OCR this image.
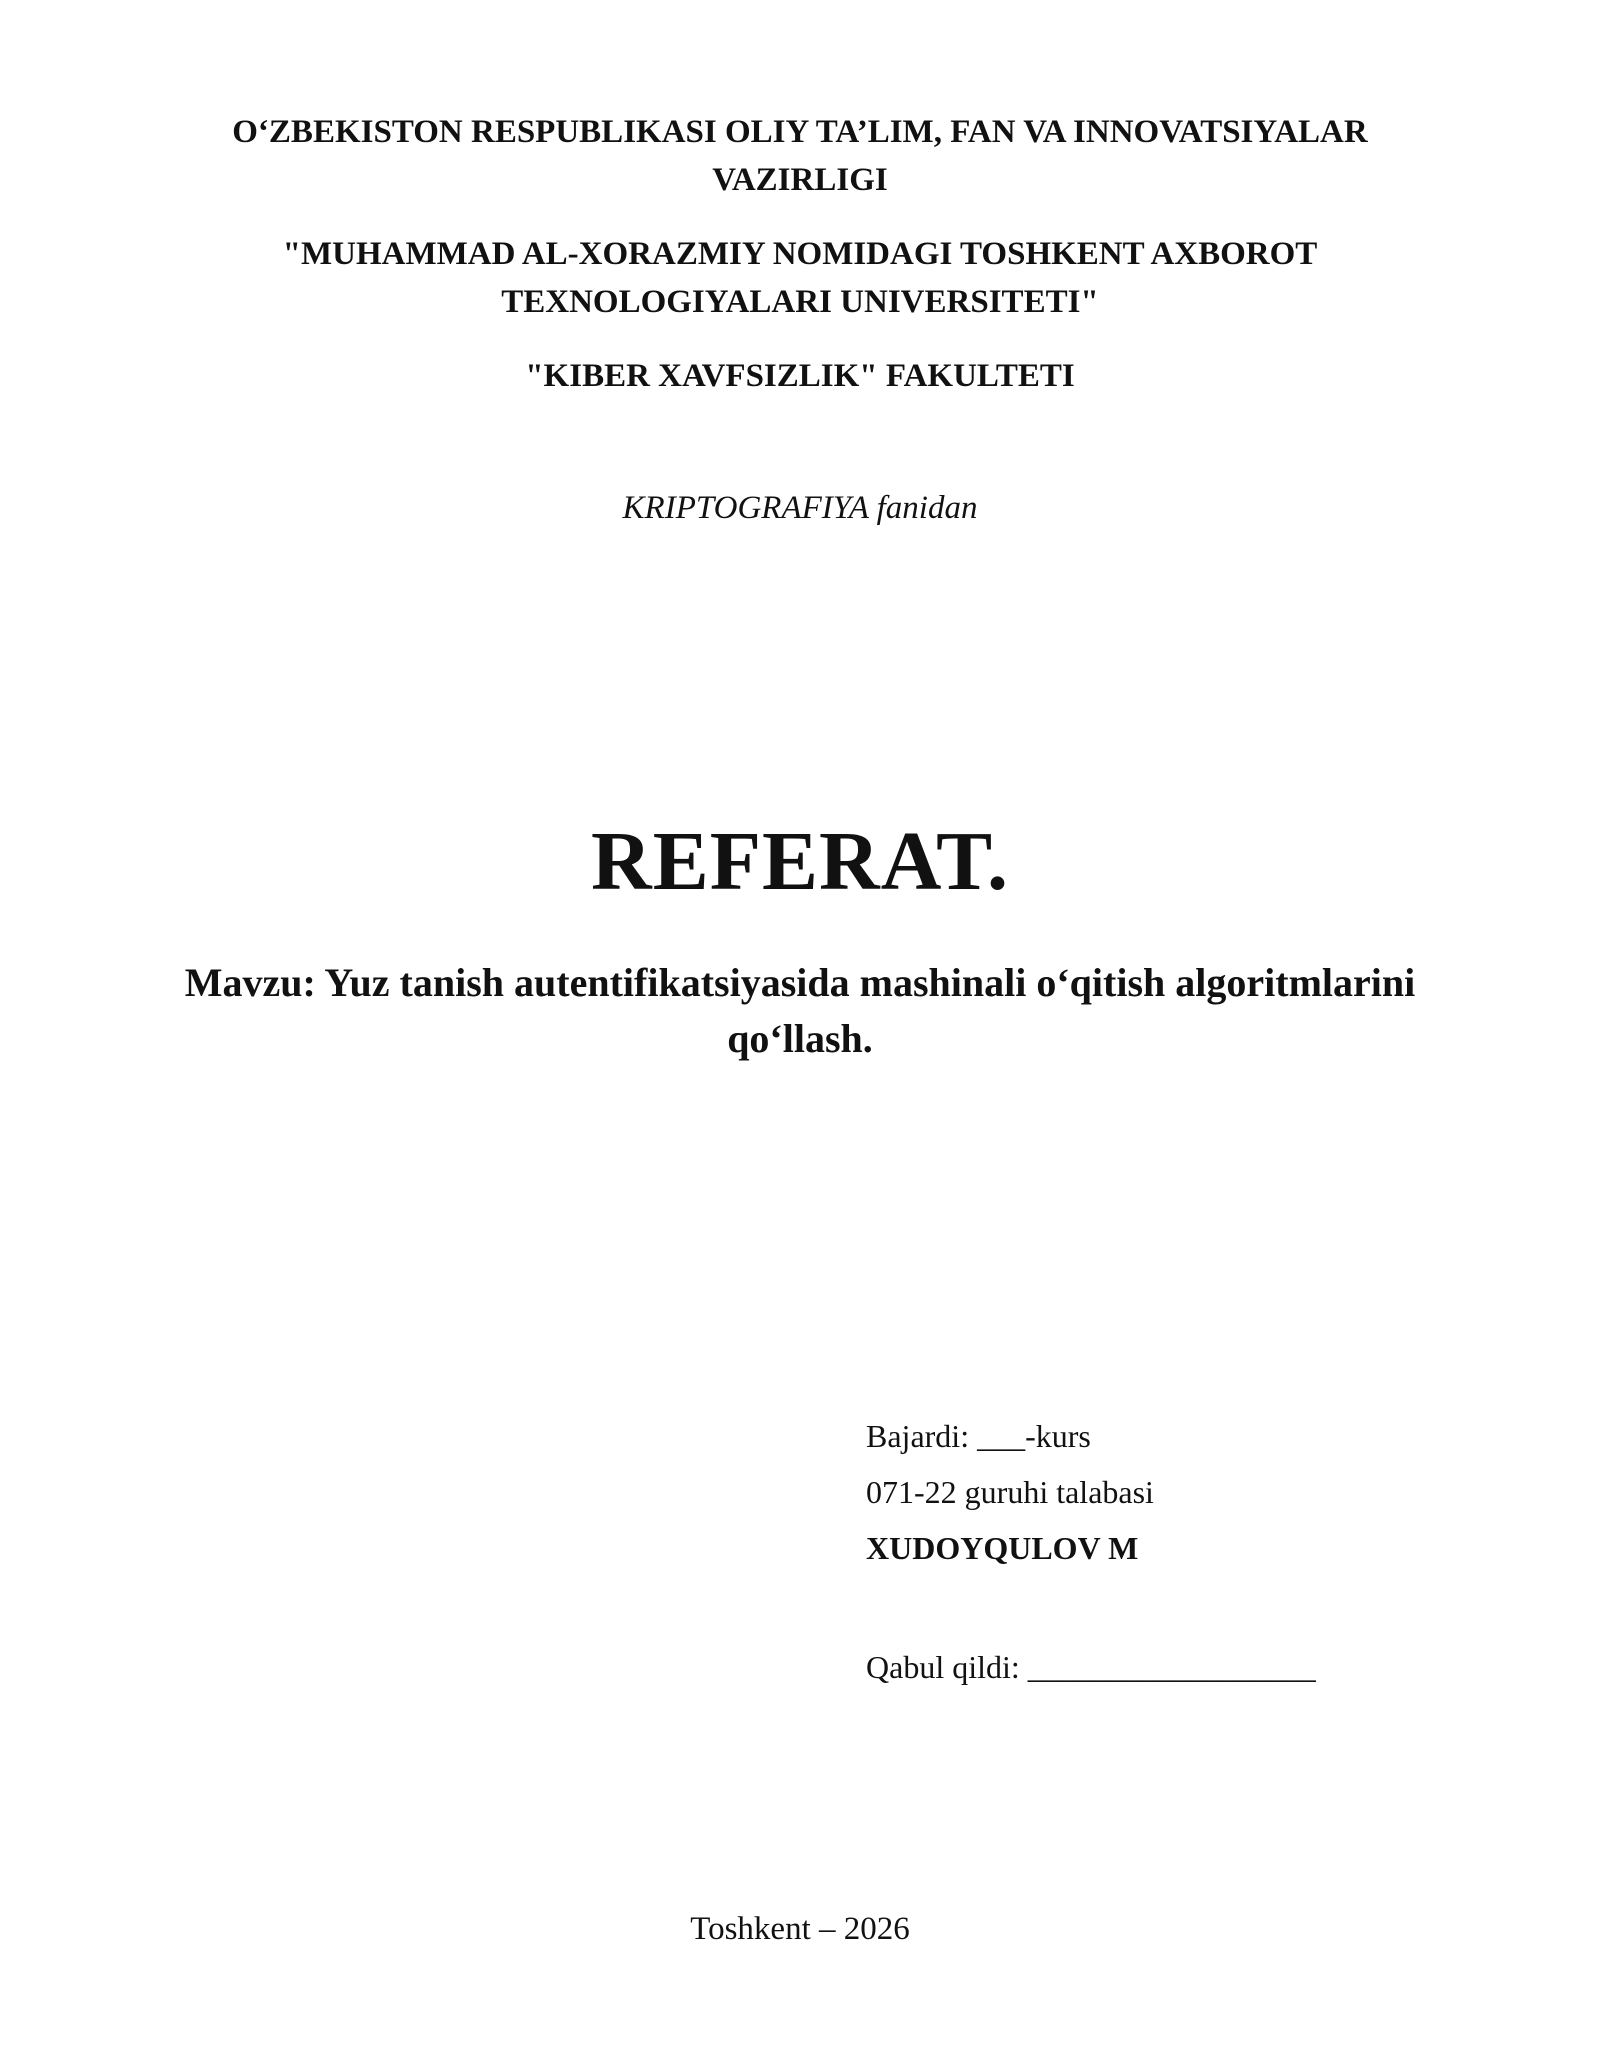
O‘ZBEKISTON RESPUBLIKASI OLIY TA’LIM, FAN VA INNOVATSIYALAR VAZIRLIGI
"MUHAMMAD AL-XORAZMIY NOMIDAGI TOSHKENT AXBOROT TEXNOLOGIYALARI UNIVERSITETI"
"KIBER XAVFSIZLIK" FAKULTETI
KRIPTOGRAFIYA fanidan
REFERAT.
Mavzu: Yuz tanish autentifikatsiyasida mashinali o‘qitish algoritmlarini qo‘llash.
Bajardi: ___-kurs
071-22 guruhi talabasi
XUDOYQULOV M
Qabul qildi: __________________
Toshkent – 2026
